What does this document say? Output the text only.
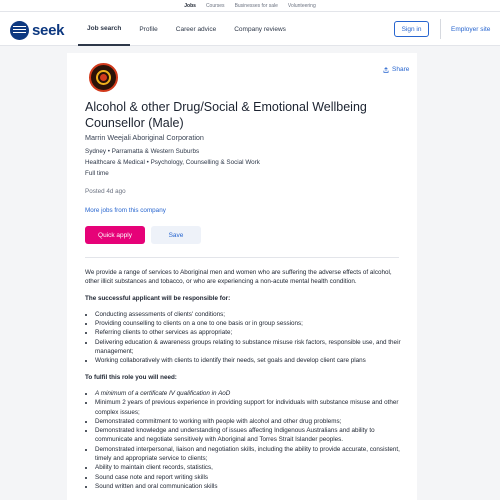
Jobs Courses Businesses for sale Volunteering
seek	Job search	Profile	Career advice	Company reviews	Sign in	Employer site
Share
Alcohol & other Drug/Social & Emotional Wellbeing Counsellor (Male)
Marrin Weejali Aboriginal Corporation
Sydney • Parramatta & Western Suburbs
Healthcare & Medical • Psychology, Counselling & Social Work
Full time
Posted 4d ago
More jobs from this company
Quick apply	Save

We provide a range of services to Aboriginal men and women who are suffering the adverse effects of alcohol, other illicit substances and tobacco, or who are experiencing a non-acute mental health condition.

The successful applicant will be responsible for:

• Conducting assessments of clients' conditions;
• Providing counselling to clients on a one to one basis or in group sessions;
• Referring clients to other services as appropriate;
• Delivering education & awareness groups relating to substance misuse risk factors, responsible use, and their management;
• Working collaboratively with clients to identify their needs, set goals and develop client care plans

To fulfil this role you will need:

• A minimum of a certificate IV qualification in AoD
• Minimum 2 years of previous experience in providing support for individuals with substance misuse and other complex issues;
• Demonstrated commitment to working with people with alcohol and other drug problems;
• Demonstrated knowledge and understanding of issues affecting Indigenous Australians and ability to communicate and negotiate sensitively with Aboriginal and Torres Strait Islander peoples.
• Demonstrated interpersonal, liaison and negotiation skills, including the ability to provide accurate, consistent, timely and appropriate service to clients;
• Ability to maintain client records, statistics,
• Sound case note and report writing skills
• Sound written and oral communication skills
